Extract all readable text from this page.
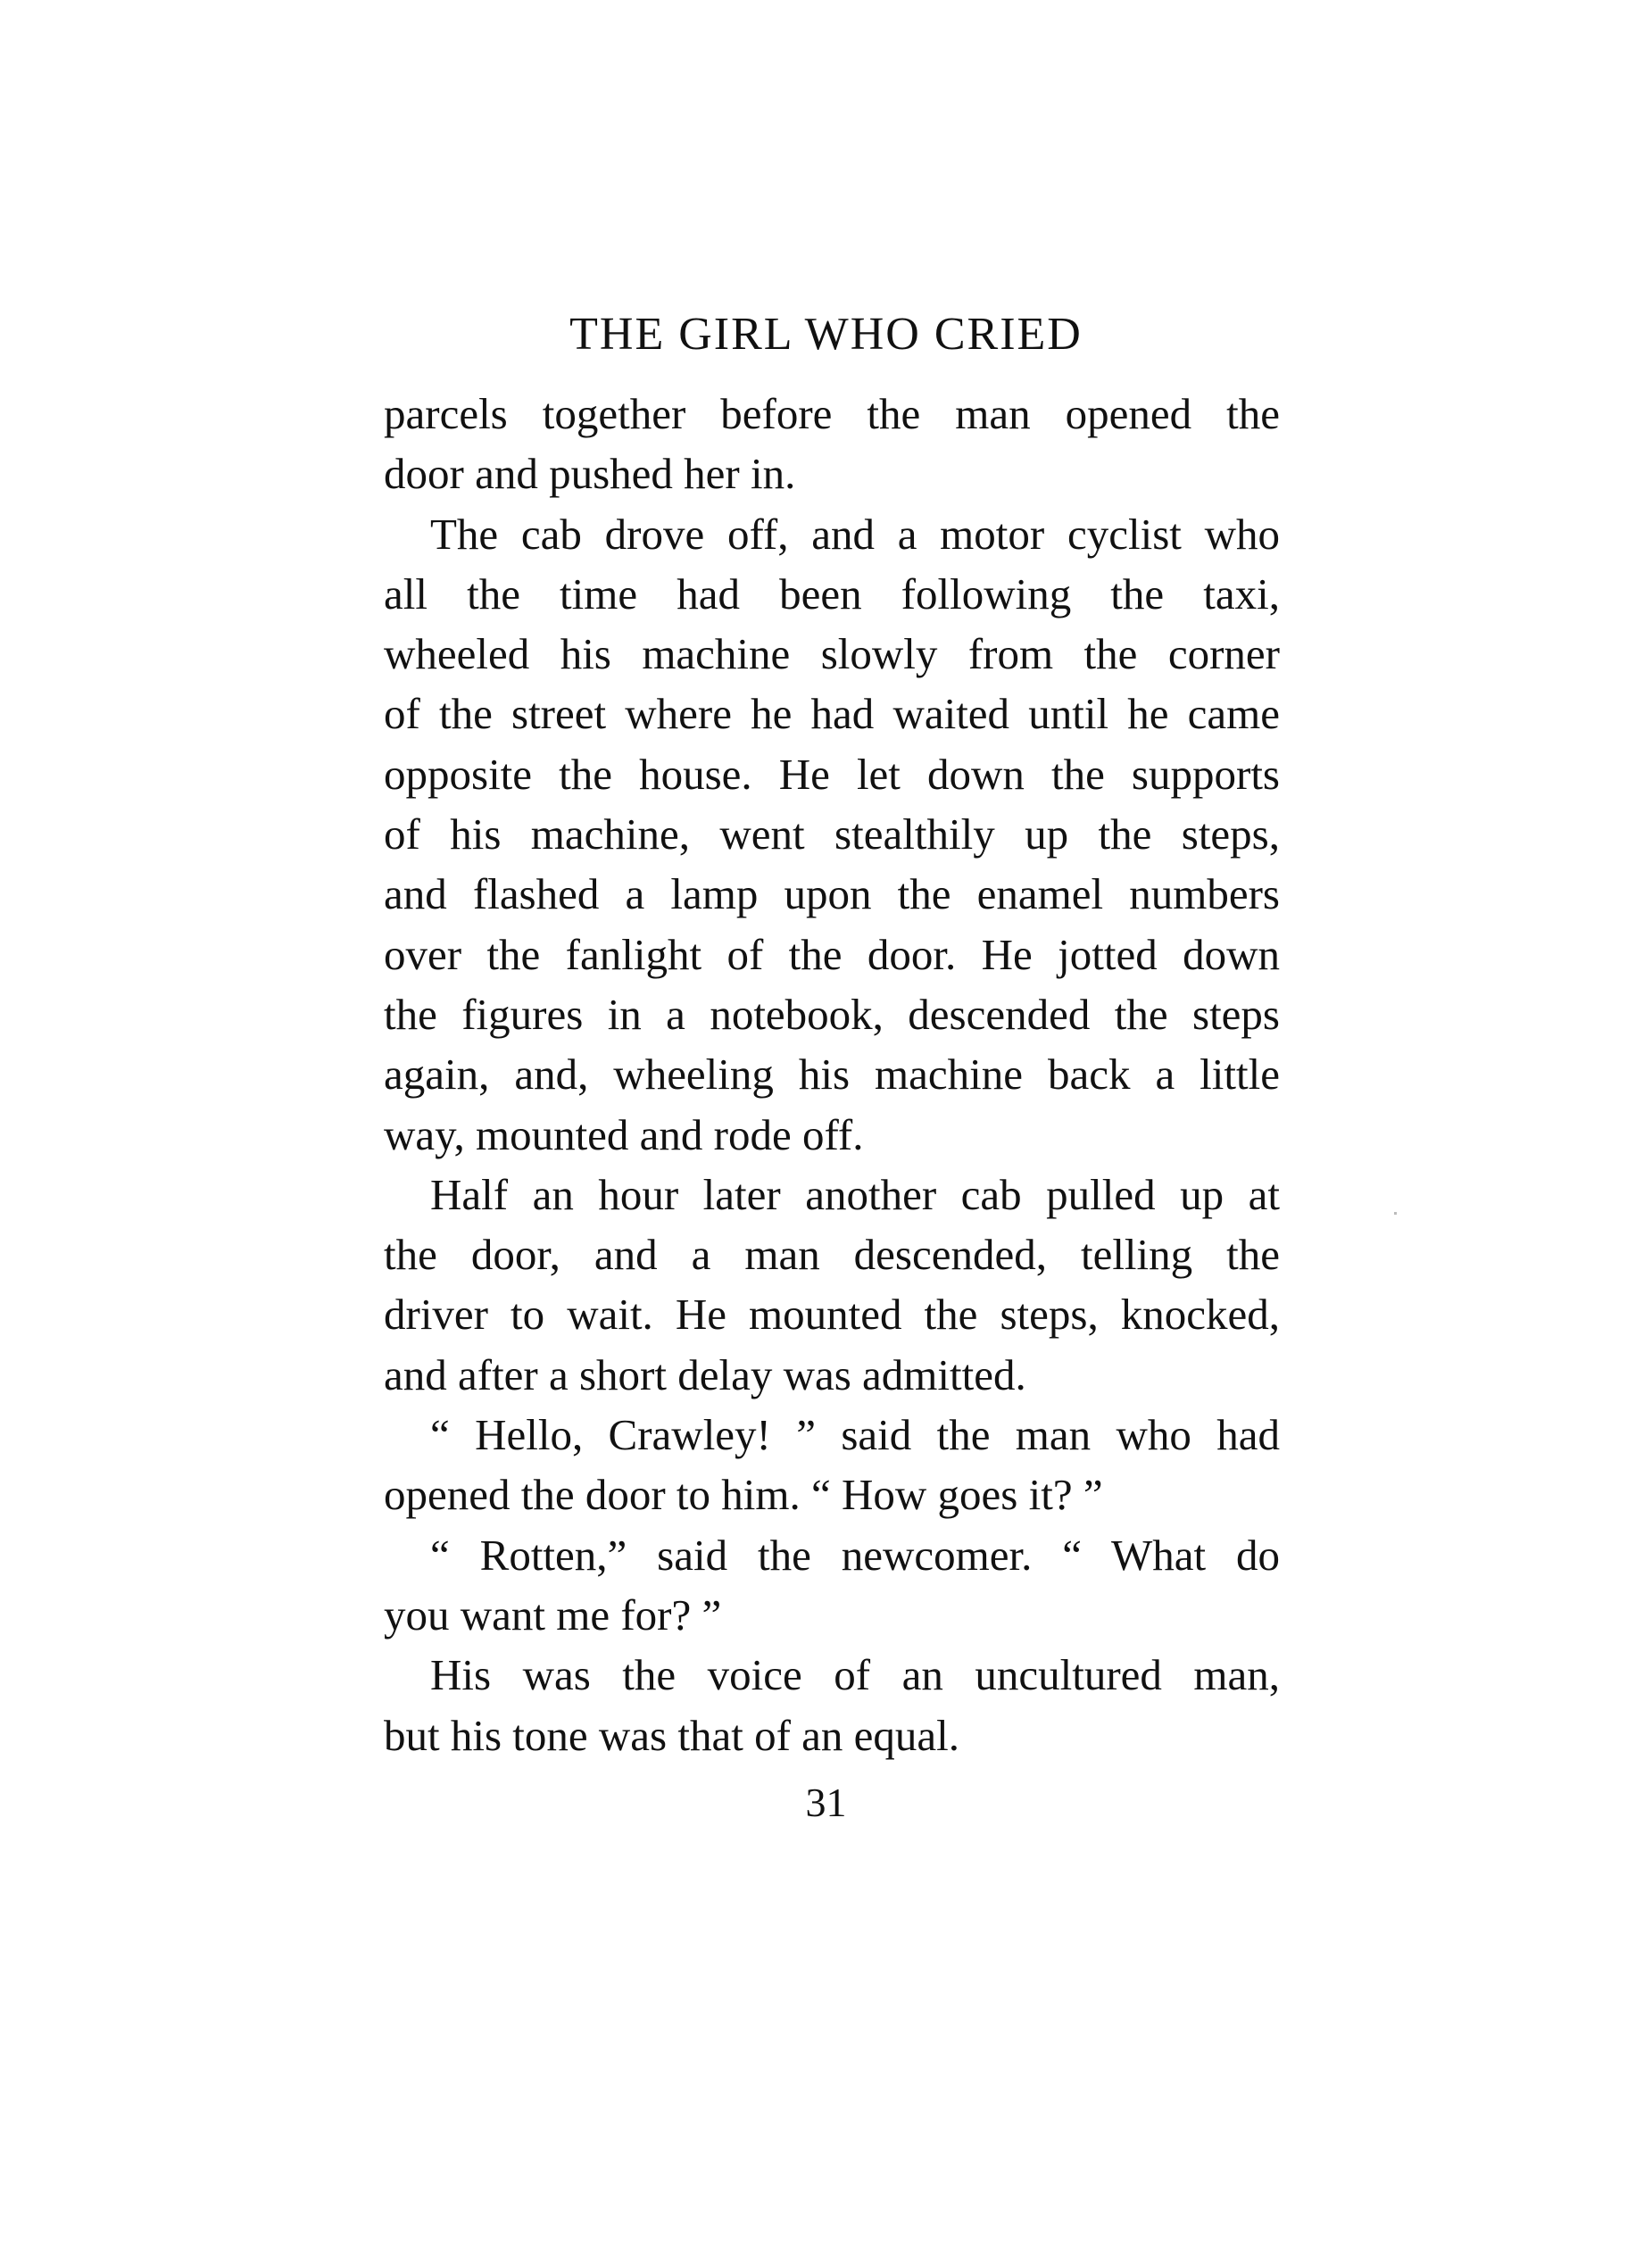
THE GIRL WHO CRIED
parcels together before the man opened the
door and pushed her in.
The cab drove off, and a motor cyclist who
all the time had been following the taxi,
wheeled his machine slowly from the corner
of the street where he had waited until he came
opposite the house. He let down the supports
of his machine, went stealthily up the steps,
and flashed a lamp upon the enamel numbers
over the fanlight of the door. He jotted down
the figures in a notebook, descended the steps
again, and, wheeling his machine back a little
way, mounted and rode off.
Half an hour later another cab pulled up at
the door, and a man descended, telling the
driver to wait. He mounted the steps, knocked,
and after a short delay was admitted.
“ Hello, Crawley! ” said the man who had
opened the door to him. “ How goes it? ”
“ Rotten,” said the newcomer. “ What do
you want me for? ”
His was the voice of an uncultured man,
but his tone was that of an equal.
31
